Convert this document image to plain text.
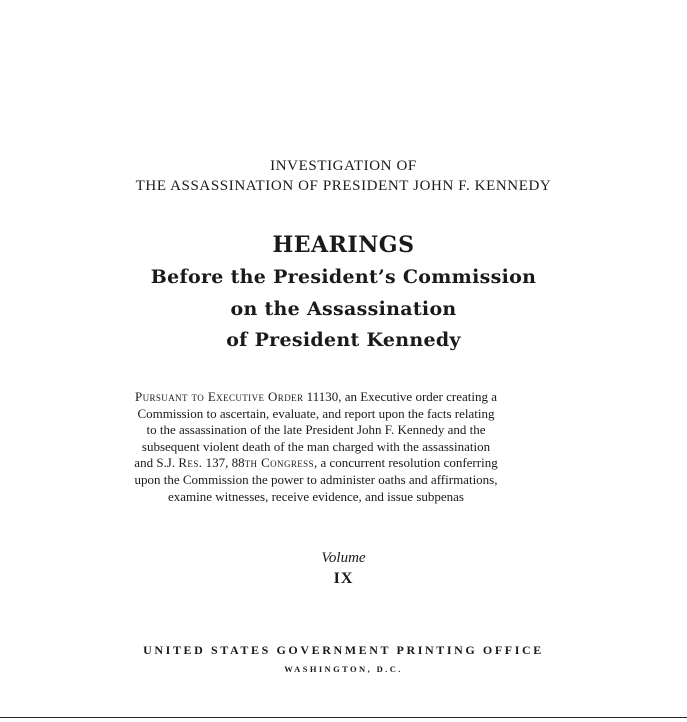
INVESTIGATION OF
THE ASSASSINATION OF PRESIDENT JOHN F. KENNEDY
HEARINGS
Before the President’s Commission
on the Assassination
of President Kennedy
Pursuant to Executive Order 11130, an Executive order creating a
Commission to ascertain, evaluate, and report upon the facts relating
to the assassination of the late President John F. Kennedy and the
subsequent violent death of the man charged with the assassination
and S.J. Res. 137, 88th Congress, a concurrent resolution conferring
upon the Commission the power to administer oaths and affirmations,
examine witnesses, receive evidence, and issue subpenas
Volume
IX
UNITED STATES GOVERNMENT PRINTING OFFICE
WASHINGTON, D.C.
